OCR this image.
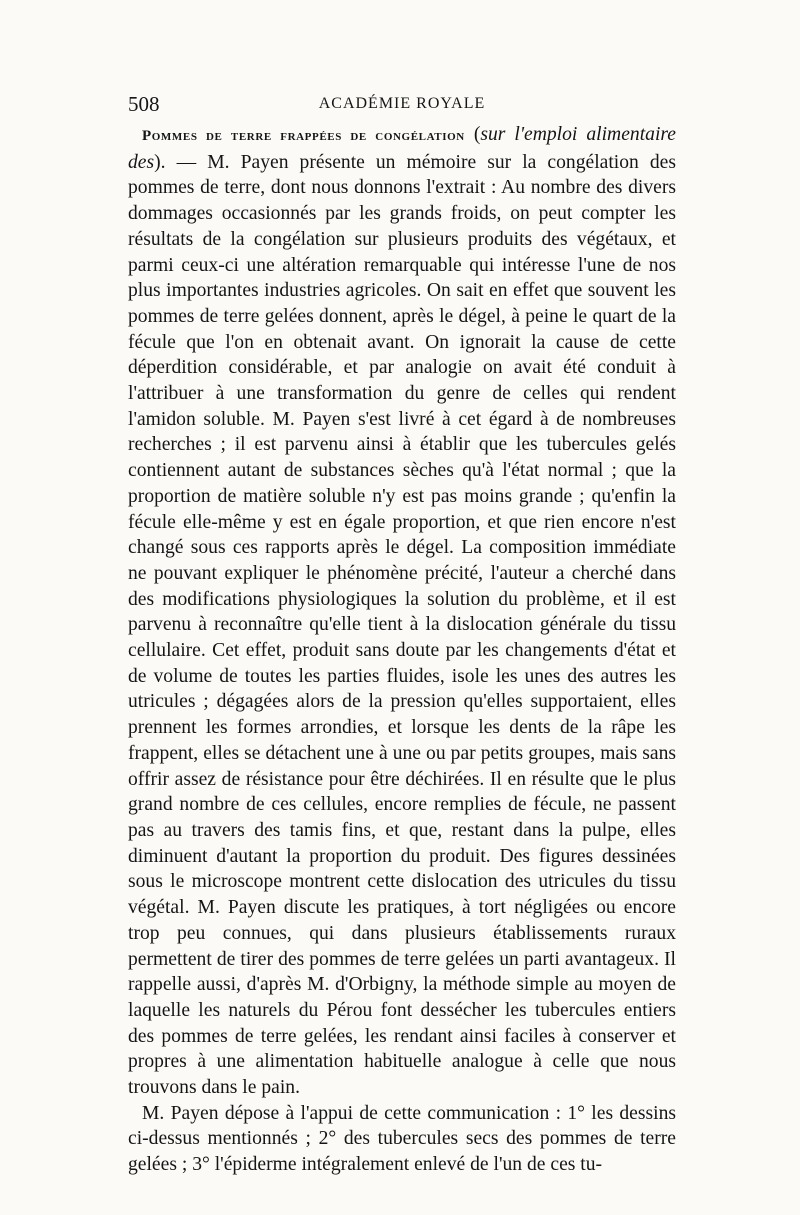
508	ACADÉMIE ROYALE

Pommes de terre frappées de congélation (sur l'emploi alimentaire des). — M. Payen présente un mémoire sur la congélation des pommes de terre, dont nous donnons l'extrait : Au nombre des divers dommages occasionnés par les grands froids, on peut compter les résultats de la congélation sur plusieurs produits des végétaux, et parmi ceux-ci une altération remarquable qui intéresse l'une de nos plus importantes industries agricoles. On sait en effet que souvent les pommes de terre gelées donnent, après le dégel, à peine le quart de la fécule que l'on en obtenait avant. On ignorait la cause de cette déperdition considérable, et par analogie on avait été conduit à l'attribuer à une transformation du genre de celles qui rendent l'amidon soluble. M. Payen s'est livré à cet égard à de nombreuses recherches ; il est parvenu ainsi à établir que les tubercules gelés contiennent autant de substances sèches qu'à l'état normal ; que la proportion de matière soluble n'y est pas moins grande ; qu'enfin la fécule elle-même y est en égale proportion, et que rien encore n'est changé sous ces rapports après le dégel. La composition immédiate ne pouvant expliquer le phénomène précité, l'auteur a cherché dans des modifications physiologiques la solution du problème, et il est parvenu à reconnaître qu'elle tient à la dislocation générale du tissu cellulaire. Cet effet, produit sans doute par les changements d'état et de volume de toutes les parties fluides, isole les unes des autres les utricules ; dégagées alors de la pression qu'elles supportaient, elles prennent les formes arrondies, et lorsque les dents de la râpe les frappent, elles se détachent une à une ou par petits groupes, mais sans offrir assez de résistance pour être déchirées. Il en résulte que le plus grand nombre de ces cellules, encore remplies de fécule, ne passent pas au travers des tamis fins, et que, restant dans la pulpe, elles diminuent d'autant la proportion du produit. Des figures dessinées sous le microscope montrent cette dislocation des utricules du tissu végétal. M. Payen discute les pratiques, à tort négligées ou encore trop peu connues, qui dans plusieurs établissements ruraux permettent de tirer des pommes de terre gelées un parti avantageux. Il rappelle aussi, d'après M. d'Orbigny, la méthode simple au moyen de laquelle les naturels du Pérou font dessécher les tubercules entiers des pommes de terre gelées, les rendant ainsi faciles à conserver et propres à une alimentation habituelle analogue à celle que nous trouvons dans le pain.

M. Payen dépose à l'appui de cette communication : 1° les dessins ci-dessus mentionnés ; 2° des tubercules secs des pommes de terre gelées ; 3° l'épiderme intégralement enlevé de l'un de ces tu-
